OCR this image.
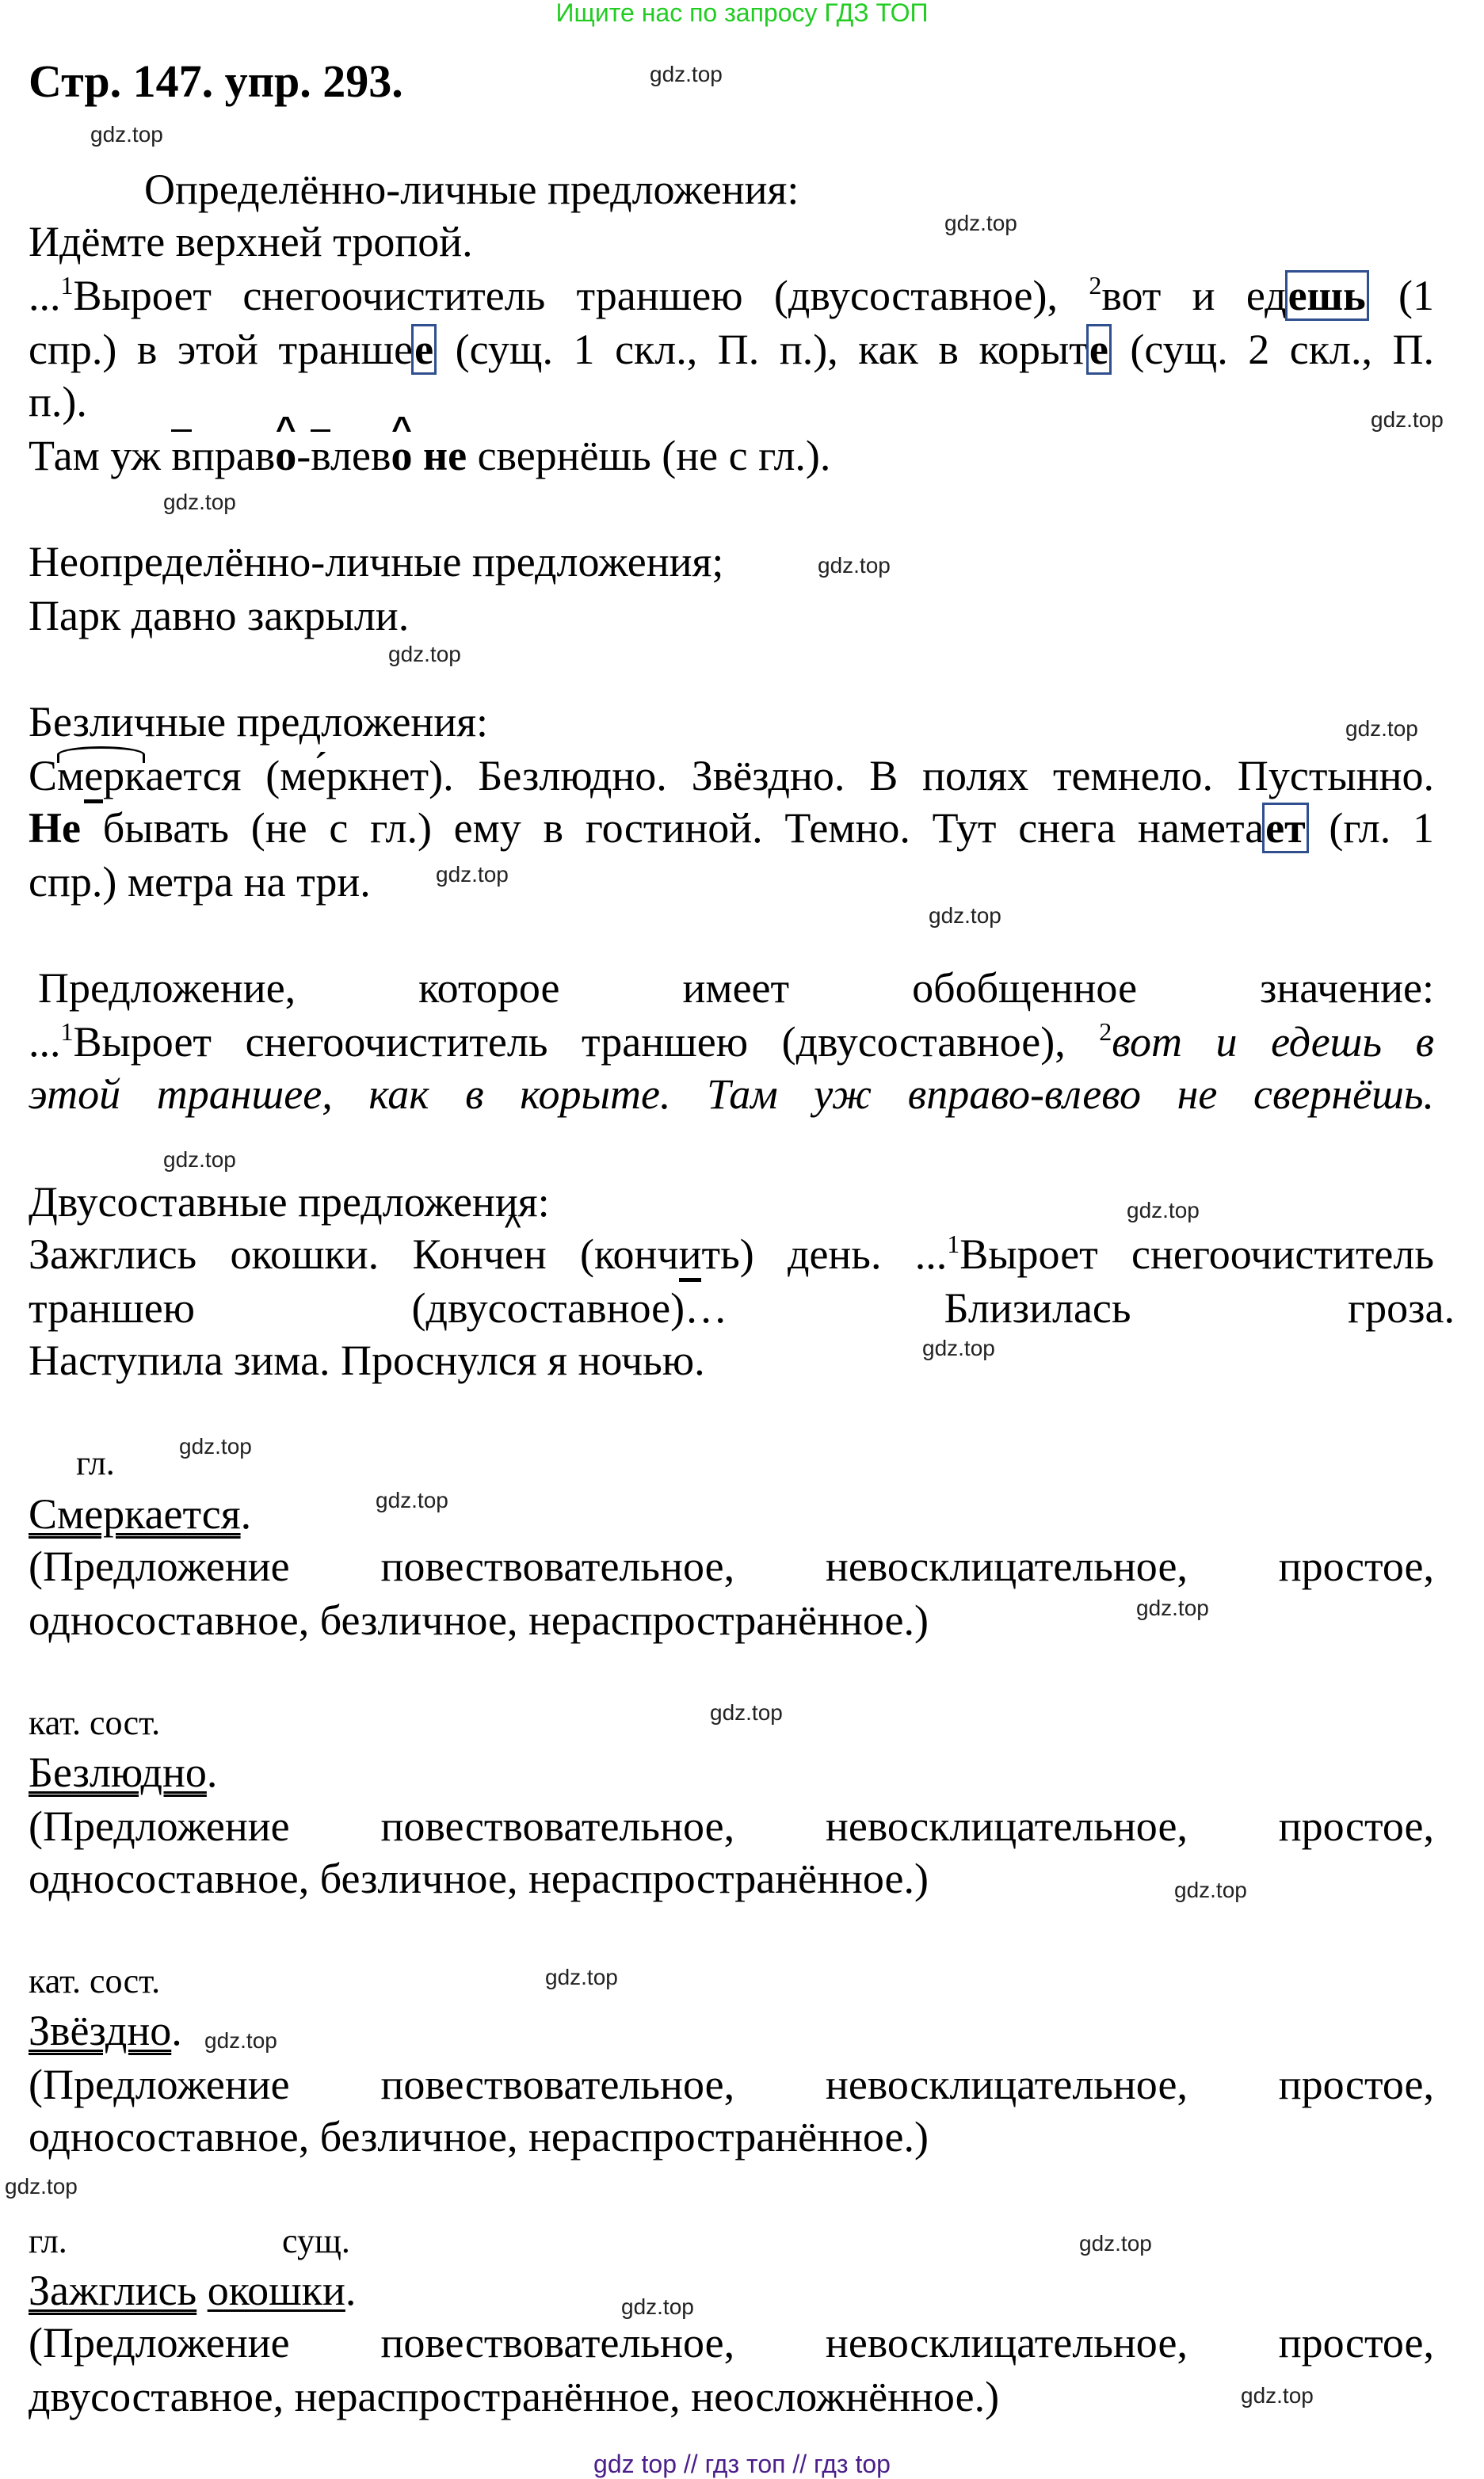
Ищите нас по запросу ГДЗ ТОП
Стр. 147. упр. 293.
Определённо-личные предложения:
Идёмте верхней тропой.
...$^1$Выроет снегоочиститель траншею (двусоставное), $^2$вот и едешь (1
спр.) в этой траншее (сущ. 1 скл., П. п.), как в корыте (сущ. 2 скл., П.
п.).
Там уж вправ^ о-влев^ о не свернёшь (не с гл.).
Неопределённо-личные предложения;
Парк давно закрыли.
Безличные предложения:
Смеркается (ме́ркнет). Безлюдно. Звёздно. В полях темнело. Пустынно.
Не бывать (не с гл.) ему в гостиной. Темно. Тут снега наметает (гл. 1
спр.) метра на три.
Предложение, которое имеет обобщенное значение:
...$^1$Выроет снегоочиститель траншею (двусоставное), $^2$вот и едешь в
этой траншее, как в корыте. Там уж вправо-влево не свернёшь.
Двусоставные предложения:
Зажглись окошки. Конч^ ен (кончить) день. ...$^1$Выроет снегоочиститель
траншею (двусоставное)… Близилась гроза.
Наступила зима. Проснулся я ночью.
гл.
Смеркается.
(Предложение повествовательное, невосклицательное, простое,
односоставное, безличное, нераспространённое.)
кат. сост.
Безлюдно.
(Предложение повествовательное, невосклицательное, простое,
односоставное, безличное, нераспространённое.)
кат. сост.
Звёздно.
(Предложение повествовательное, невосклицательное, простое,
односоставное, безличное, нераспространённое.)
гл.	сущ.
Зажглись окошки.
(Предложение повествовательное, невосклицательное, простое,
двусоставное, нераспространённое, неосложнённое.)
gdz.top
gdz.top
gdz.top
gdz.top
gdz.top
gdz.top
gdz.top
gdz.top
gdz.top
gdz.top
gdz.top
gdz.top
gdz.top
gdz.top
gdz.top
gdz.top
gdz.top
gdz.top
gdz.top
gdz.top
gdz.top
gdz.top
gdz.top
gdz.top
gdz top // гдз топ // гдз top
